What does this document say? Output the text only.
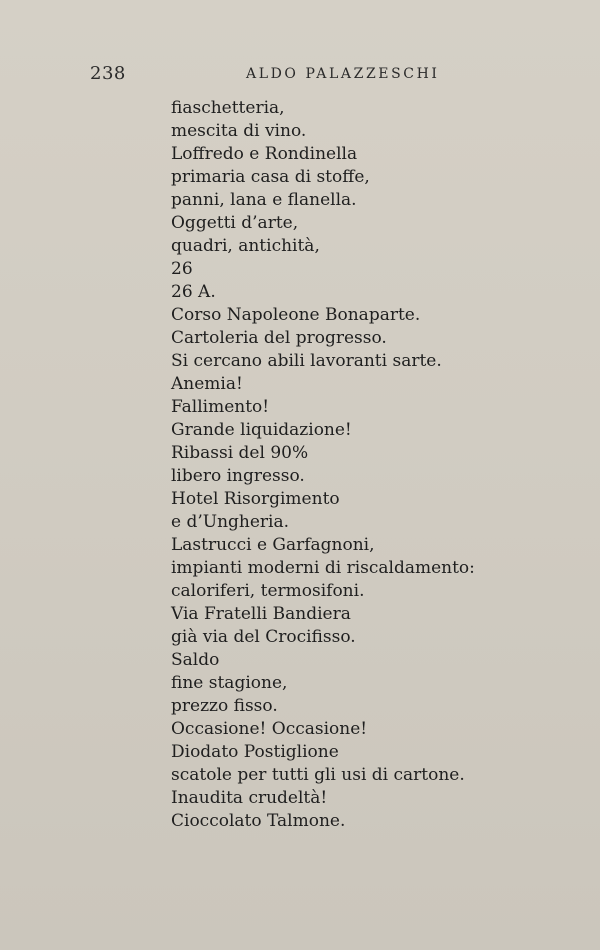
238	ALDO PALAZZESCHI
fiaschetteria,
mescita di vino.
Loffredo e Rondinella
primaria casa di stoffe,
panni, lana e flanella.
Oggetti d’arte,
quadri, antichità,
26
26 A.
Corso Napoleone Bonaparte.
Cartoleria del progresso.
Si cercano abili lavoranti sarte.
Anemia!
Fallimento!
Grande liquidazione!
Ribassi del 90%
libero ingresso.
Hotel Risorgimento
e d’Ungheria.
Lastrucci e Garfagnoni,
impianti moderni di riscaldamento:
caloriferi, termosifoni.
Via Fratelli Bandiera
già via del Crocifisso.
Saldo
fine stagione,
prezzo fisso.
Occasione! Occasione!
Diodato Postiglione
scatole per tutti gli usi di cartone.
Inaudita crudeltà!
Cioccolato Talmone.
